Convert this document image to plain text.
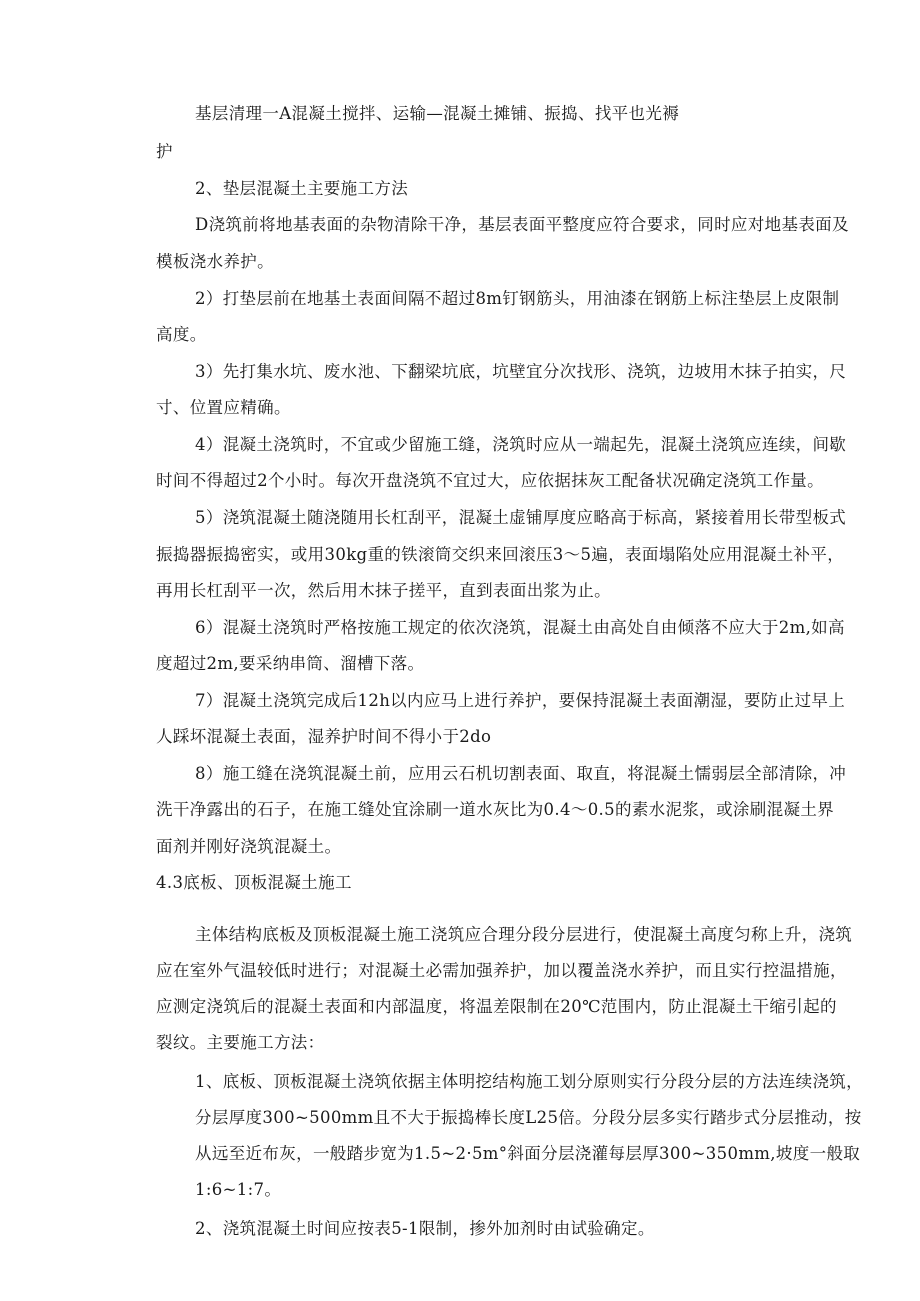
基层清理一A混凝土搅拌、运输—混凝土摊铺、振捣、找平也光褥

护

2、垫层混凝土主要施工方法

D浇筑前将地基表面的杂物清除干净，基层表面平整度应符合要求，同时应对地基表面及

模板浇水养护。

2）打垫层前在地基土表面间隔不超过8m钉钢筋头，用油漆在钢筋上标注垫层上皮限制

高度。

3）先打集水坑、废水池、下翻梁坑底，坑壁宜分次找形、浇筑，边坡用木抹子拍实，尺

寸、位置应精确。

4）混凝土浇筑时，不宜或少留施工缝，浇筑时应从一端起先，混凝土浇筑应连续，间歇

时间不得超过2个小时。每次开盘浇筑不宜过大，应依据抹灰工配备状况确定浇筑工作量。

5）浇筑混凝土随浇随用长杠刮平，混凝土虚铺厚度应略高于标高，紧接着用长带型板式

振捣器振捣密实，或用30kg重的铁滚筒交织来回滚压3～5遍，表面塌陷处应用混凝土补平，

再用长杠刮平一次，然后用木抹子搓平，直到表面出浆为止。

6）混凝土浇筑时严格按施工规定的依次浇筑，混凝土由高处自由倾落不应大于2m,如高

度超过2m,要采纳串筒、溜槽下落。

7）混凝土浇筑完成后12h以内应马上进行养护，要保持混凝土表面潮湿，要防止过早上

人踩坏混凝土表面，湿养护时间不得小于2do

8）施工缝在浇筑混凝土前，应用云石机切割表面、取直，将混凝土懦弱层全部清除，冲

洗干净露出的石子，在施工缝处宜涂刷一道水灰比为0.4～0.5的素水泥浆，或涂刷混凝土界

面剂并刚好浇筑混凝土。

4.3底板、顶板混凝土施工

主体结构底板及顶板混凝土施工浇筑应合理分段分层进行，使混凝土高度匀称上升，浇筑

应在室外气温较低时进行；对混凝土必需加强养护，加以覆盖浇水养护，而且实行控温措施，

应测定浇筑后的混凝土表面和内部温度，将温差限制在20℃范围内，防止混凝土干缩引起的

裂纹。主要施工方法：

1、底板、顶板混凝土浇筑依据主体明挖结构施工划分原则实行分段分层的方法连续浇筑，

分层厚度300~500mm且不大于振捣棒长度L25倍。分段分层多实行踏步式分层推动，按

从远至近布灰，一般踏步宽为1.5~2·5m°斜面分层浇灌每层厚300~350mm,坡度一般取

1:6~1:7。

2、浇筑混凝土时间应按表5-1限制，掺外加剂时由试验确定。
